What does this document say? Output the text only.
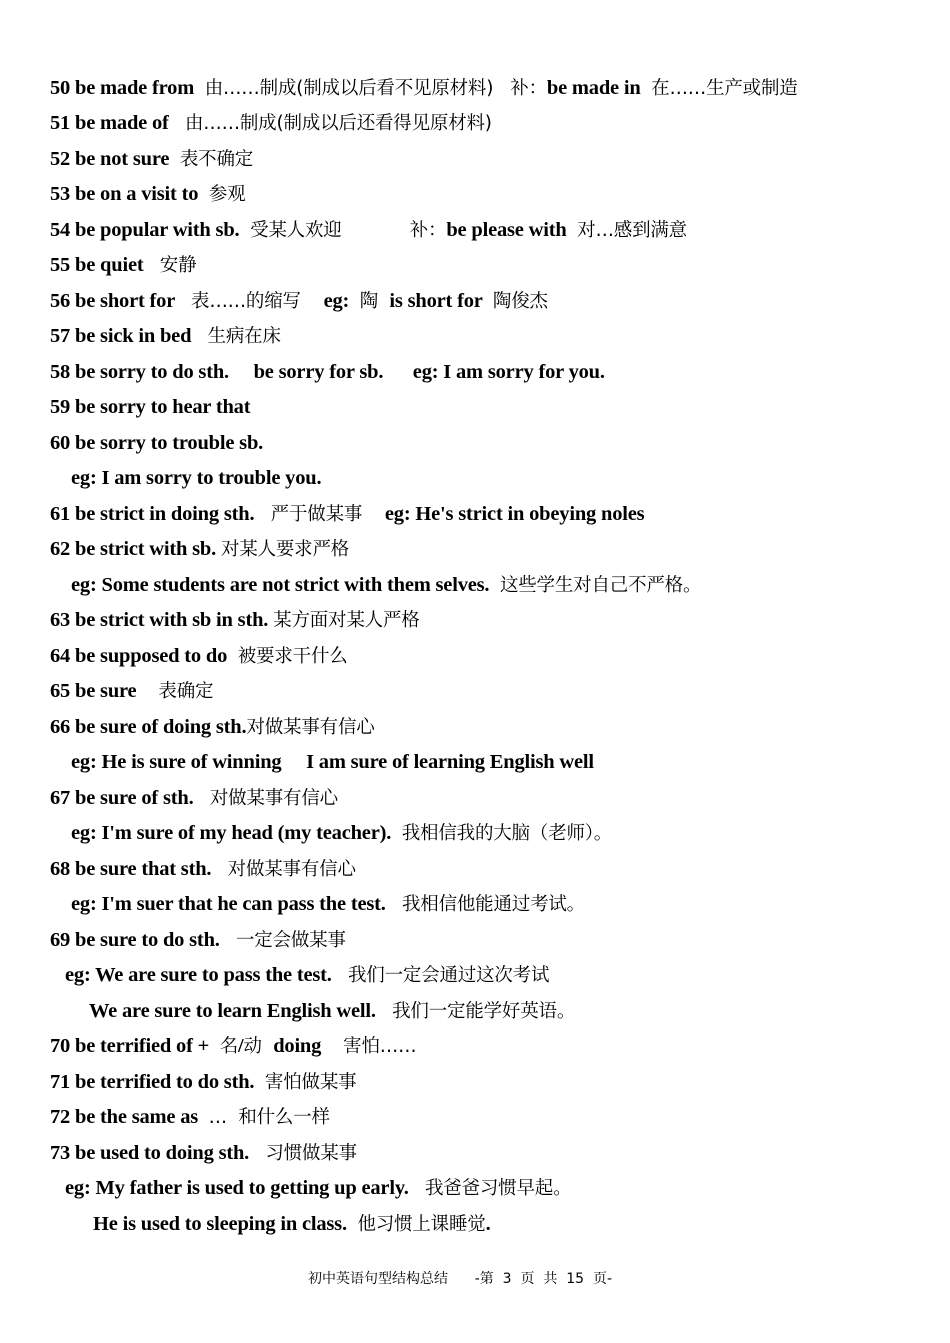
50 be made from  由……制成(制成以后看不见原材料)   补：be made in  在……生产或制造
51 be made of   由……制成(制成以后还看得见原材料)
52 be not sure  表不确定
53 be on a visit to  参观
54 be popular with sb.  受某人欢迎            补：be please with  对…感到满意
55 be quiet   安静
56 be short for   表……的缩写    eg:  陶  is short for  陶俊杰
57 be sick in bed   生病在床
58 be sorry to do sth.     be sorry for sb.      eg: I am sorry for you.
59 be sorry to hear that
60 be sorry to trouble sb.
eg: I am sorry to trouble you.
61 be strict in doing sth.   严于做某事    eg: He's strict in obeying noles
62 be strict with sb. 对某人要求严格
eg: Some students are not strict with them selves.  这些学生对自己不严格。
63 be strict with sb in sth. 某方面对某人严格
64 be supposed to do  被要求干什么
65 be sure    表确定
66 be sure of doing sth.对做某事有信心
eg: He is sure of winning     I am sure of learning English well
67 be sure of sth.   对做某事有信心
eg: I'm sure of my head (my teacher).  我相信我的大脑（老师）。
68 be sure that sth.   对做某事有信心
eg: I'm suer that he can pass the test.   我相信他能通过考试。
69 be sure to do sth.   一定会做某事
eg: We are sure to pass the test.   我们一定会通过这次考试
We are sure to learn English well.   我们一定能学好英语。
70 be terrified of +  名/动  doing    害怕……
71 be terrified to do sth.  害怕做某事
72 be the same as  …  和什么一样
73 be used to doing sth.   习惯做某事
eg: My father is used to getting up early.   我爸爸习惯早起。
He is used to sleeping in class.  他习惯上课睡觉.
初中英语句型结构总结      -第  3  页  共  15  页-
